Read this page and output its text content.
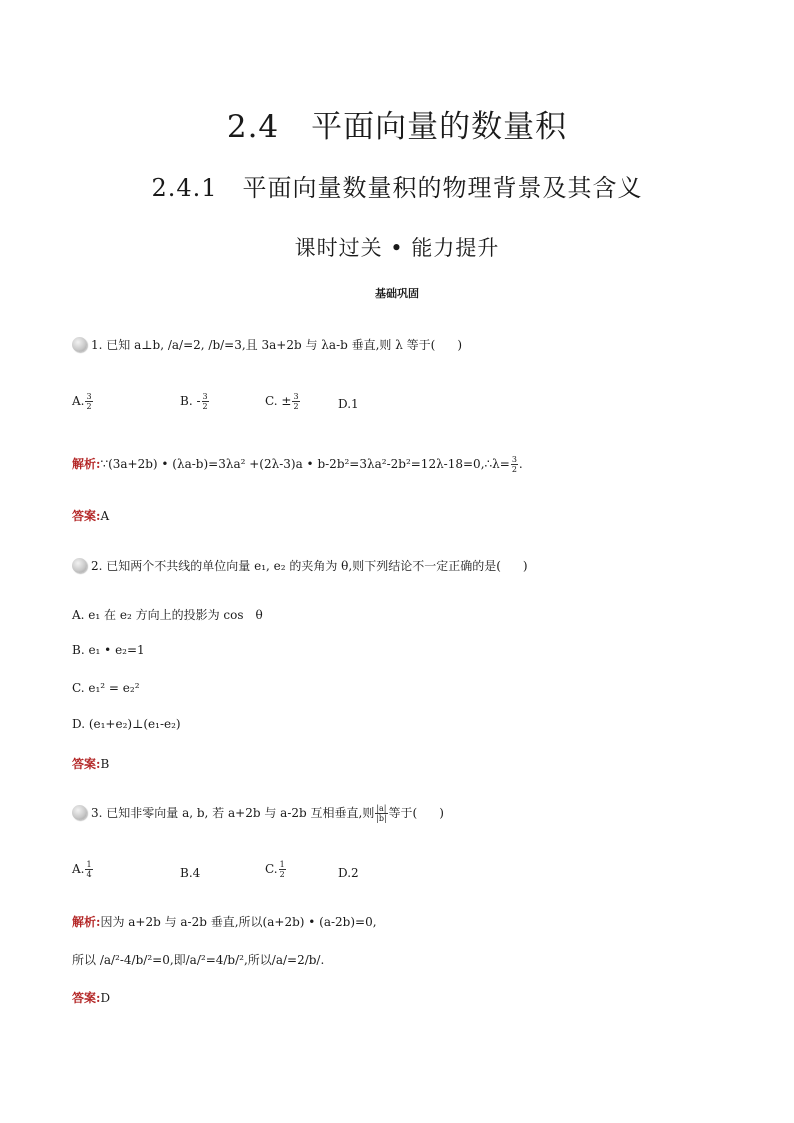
2.4　平面向量的数量积
2.4.1　平面向量数量积的物理背景及其含义
课时过关 • 能力提升
基础巩固
1. 已知 a⊥b, /a/=2, /b/=3,且 3a+2b 与 λa-b 垂直,则 λ 等于( )
A. $\frac{3}{2}$	B. - $\frac{3}{2}$	C. ± $\frac{3}{2}$	D.1
解析:∵(3a+2b) • (λa-b)=3λa² +(2λ-3)a • b-2b²=3λa²-2b²=12λ-18=0,∴λ= $\frac{3}{2}$ .
答案:A
2. 已知两个不共线的单位向量 e₁, e₂ 的夹角为 θ,则下列结论不一定正确的是( )
A. e₁ 在 e₂ 方向上的投影为 cos θ
B. e₁ • e₂=1
C. e₁² = e₂²
D. (e₁+e₂)⊥(e₁-e₂)
答案:B
3. 已知非零向量 a, b, 若 a+2b 与 a-2b 互相垂直,则 $\frac{|a|}{|b|}$ 等于( )
A. $\frac{1}{4}$	B.4	C. $\frac{1}{2}$	D.2
解析:因为 a+2b 与 a-2b 垂直,所以(a+2b) • (a-2b)=0,
所以 /a/²-4/b/²=0,即/a/²=4/b/²,所以/a/=2/b/.
答案:D
